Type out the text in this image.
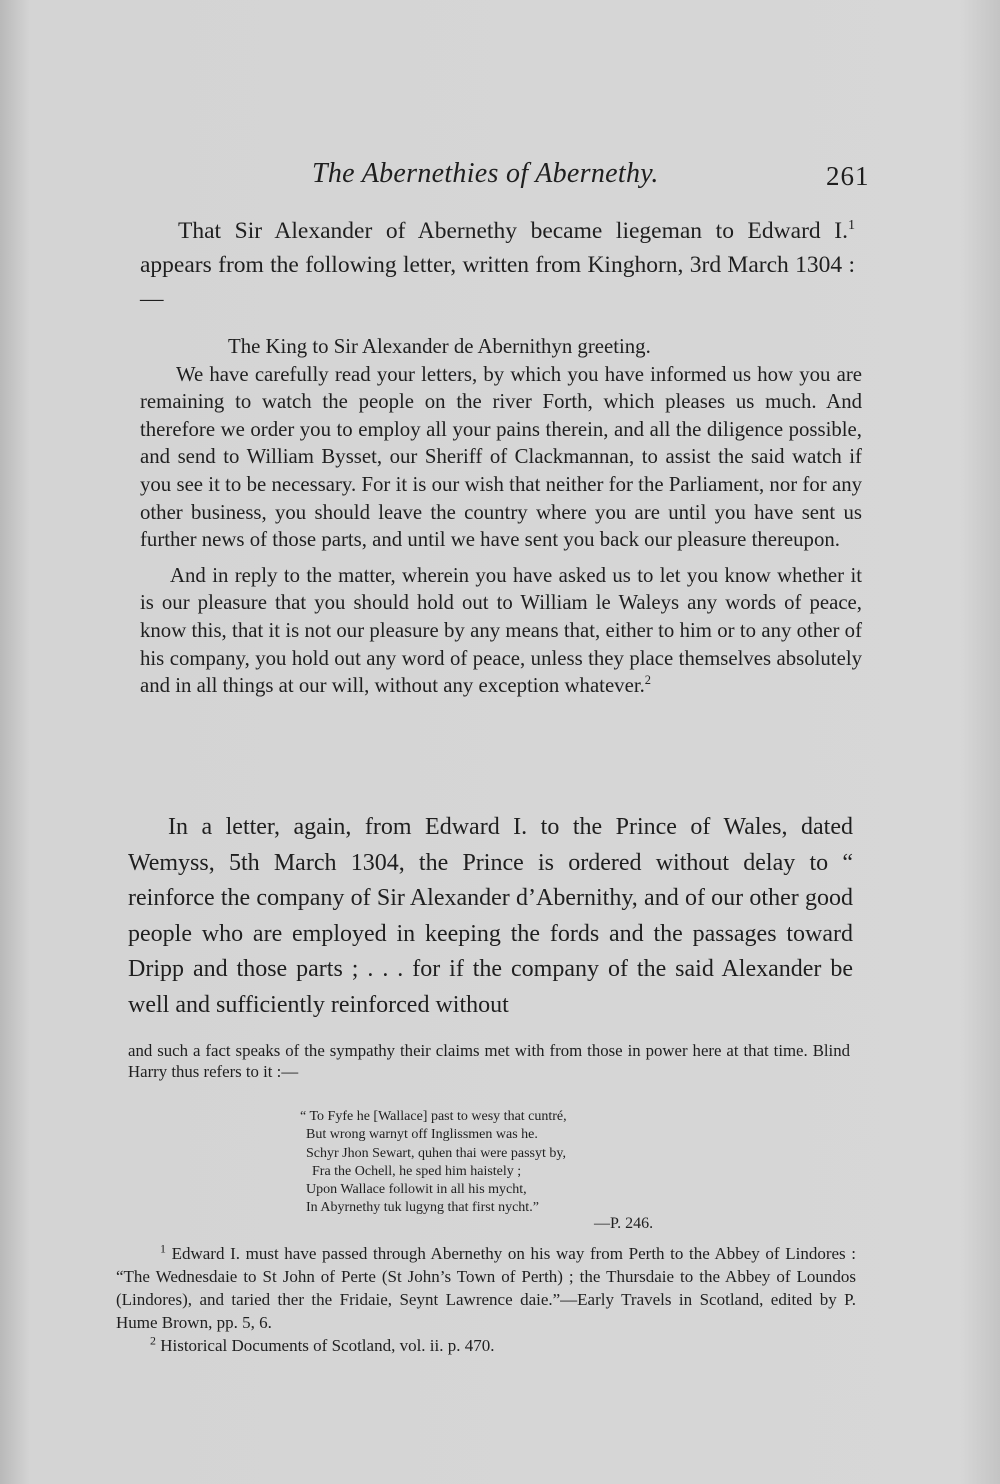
The Abernethies of Abernethy.	261

That Sir Alexander of Abernethy became liegeman to Edward I.$^1$ appears from the following letter, written from Kinghorn, 3rd March 1304 :—

The King to Sir Alexander de Abernithyn greeting.

We have carefully read your letters, by which you have informed us how you are remaining to watch the people on the river Forth, which pleases us much. And therefore we order you to employ all your pains therein, and all the diligence possible, and send to William Bysset, our Sheriff of Clackmannan, to assist the said watch if you see it to be necessary. For it is our wish that neither for the Parliament, nor for any other business, you should leave the country where you are until you have sent us further news of those parts, and until we have sent you back our pleasure thereupon.

And in reply to the matter, wherein you have asked us to let you know whether it is our pleasure that you should hold out to William le Waleys any words of peace, know this, that it is not our pleasure by any means that, either to him or to any other of his company, you hold out any word of peace, unless they place themselves absolutely and in all things at our will, without any exception whatever.$^2$

In a letter, again, from Edward I. to the Prince of Wales, dated Wemyss, 5th March 1304, the Prince is ordered without delay to “ reinforce the company of Sir Alexander d’Abernithy, and of our other good people who are employed in keeping the fords and the passages toward Dripp and those parts ; . . . for if the company of the said Alexander be well and sufficiently reinforced without

and such a fact speaks of the sympathy their claims met with from those in power here at that time. Blind Harry thus refers to it :—

“ To Fyfe he [Wallace] past to wesy that cuntré,
But wrong warnyt off Inglissmen was he.
Schyr Jhon Sewart, quhen thai were passyt by,
Fra the Ochell, he sped him haistely ;
Upon Wallace followit in all his mycht,
In Abyrnethy tuk lugyng that first nycht.”
—P. 246.

$^1$ Edward I. must have passed through Abernethy on his way from Perth to the Abbey of Lindores : “The Wednesdaie to St John of Perte (St John’s Town of Perth) ; the Thursdaie to the Abbey of Loundos (Lindores), and taried ther the Fridaie, Seynt Lawrence daie.”—Early Travels in Scotland, edited by P. Hume Brown, pp. 5, 6.

$^2$ Historical Documents of Scotland, vol. ii. p. 470.
